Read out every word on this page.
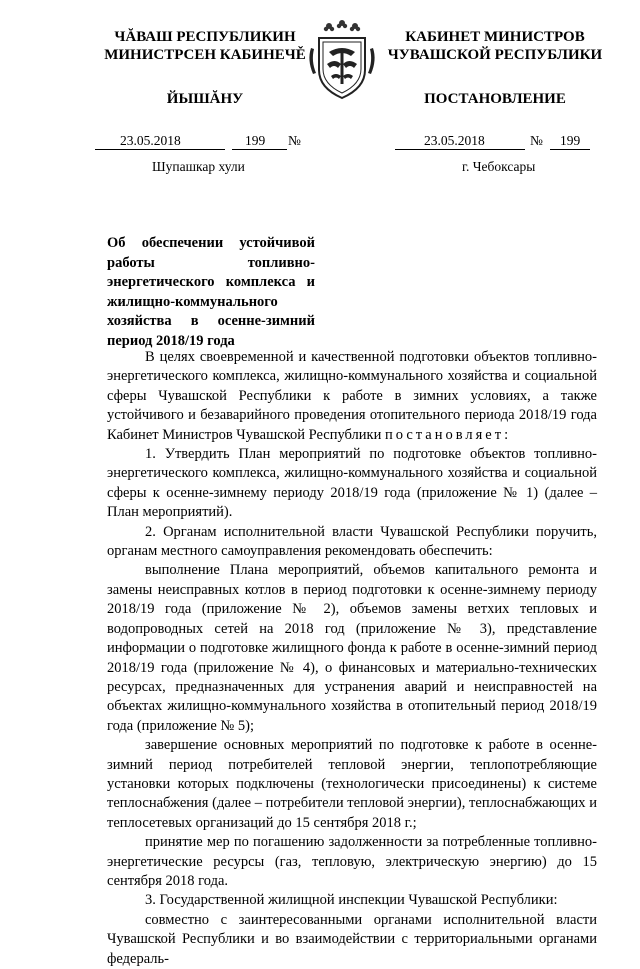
ЧĂВАШ РЕСПУБЛИКИН
МИНИСТРСЕН КАБИНЕЧĚ
ЙЫШĂНУ
КАБИНЕТ МИНИСТРОВ
ЧУВАШСКОЙ РЕСПУБЛИКИ
ПОСТАНОВЛЕНИЕ
23.05.2018	199 №	23.05.2018	№ 199
Шупашкар хули	г. Чебоксары
Об обеспечении устойчивой работы топливно-энергетического комплекса и жилищно-коммунального хозяйства в осенне-зимний период 2018/19 года

В целях своевременной и качественной подготовки объектов топливно-энергетического комплекса, жилищно-коммунального хозяйства и социальной сферы Чувашской Республики к работе в зимних условиях, а также устойчивого и безаварийного проведения отопительного периода 2018/19 года Кабинет Министров Чувашской Республики постановляет:

1. Утвердить План мероприятий по подготовке объектов топливно-энергетического комплекса, жилищно-коммунального хозяйства и социальной сферы к осенне-зимнему периоду 2018/19 года (приложение № 1) (далее – План мероприятий).

2. Органам исполнительной власти Чувашской Республики поручить, органам местного самоуправления рекомендовать обеспечить:

выполнение Плана мероприятий, объемов капитального ремонта и замены неисправных котлов в период подготовки к осенне-зимнему периоду 2018/19 года (приложение № 2), объемов замены ветхих тепловых и водопроводных сетей на 2018 год (приложение № 3), представление информации о подготовке жилищного фонда к работе в осенне-зимний период 2018/19 года (приложение № 4), о финансовых и материально-технических ресурсах, предназначенных для устранения аварий и неисправностей на объектах жилищно-коммунального хозяйства в отопительный период 2018/19 года (приложение № 5);

завершение основных мероприятий по подготовке к работе в осенне-зимний период потребителей тепловой энергии, теплопотребляющие установки которых подключены (технологически присоединены) к системе теплоснабжения (далее – потребители тепловой энергии), теплоснабжающих и теплосетевых организаций до 15 сентября 2018 г.;

принятие мер по погашению задолженности за потребленные топливно-энергетические ресурсы (газ, тепловую, электрическую энергию) до 15 сентября 2018 года.

3. Государственной жилищной инспекции Чувашской Республики:

совместно с заинтересованными органами исполнительной власти Чувашской Республики и во взаимодействии с территориальными органами федераль-
